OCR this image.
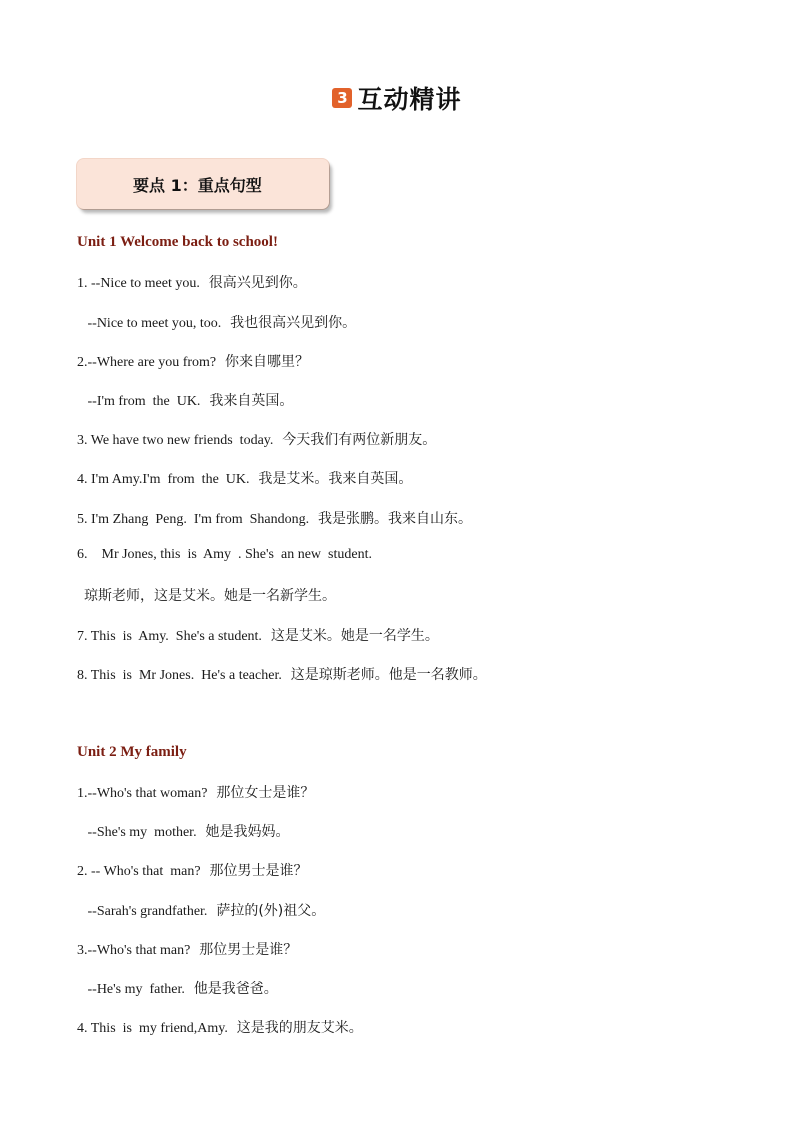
3 互动精讲
要点 1：重点句型
Unit 1 Welcome back to school!
1. --Nice to meet you.  很高兴见到你。
--Nice to meet you, too.  我也很高兴见到你。
2.--Where are you from?  你来自哪里？
--I'm from  the  UK.  我来自英国。
3. We have two new friends  today.  今天我们有两位新朋友。
4. I'm Amy.I'm  from  the  UK.  我是艾米。我来自英国。
5. I'm Zhang  Peng.  I'm from  Shandong.  我是张鹏。我来自山东。
6.    Mr Jones, this  is  Amy  . She's  an new  student.
琼斯老师，这是艾米。她是一名新学生。
7. This  is  Amy.  She's a student.  这是艾米。她是一名学生。
8. This  is  Mr Jones.  He's a teacher.  这是琼斯老师。他是一名教师。
Unit 2 My family
1.--Who's that woman?  那位女士是谁？
--She's my  mother.  她是我妈妈。
2. -- Who's that  man?  那位男士是谁？
--Sarah's grandfather.  萨拉的(外)祖父。
3.--Who's that man?  那位男士是谁？
--He's my  father.  他是我爸爸。
4. This  is  my friend,Amy.  这是我的朋友艾米。
